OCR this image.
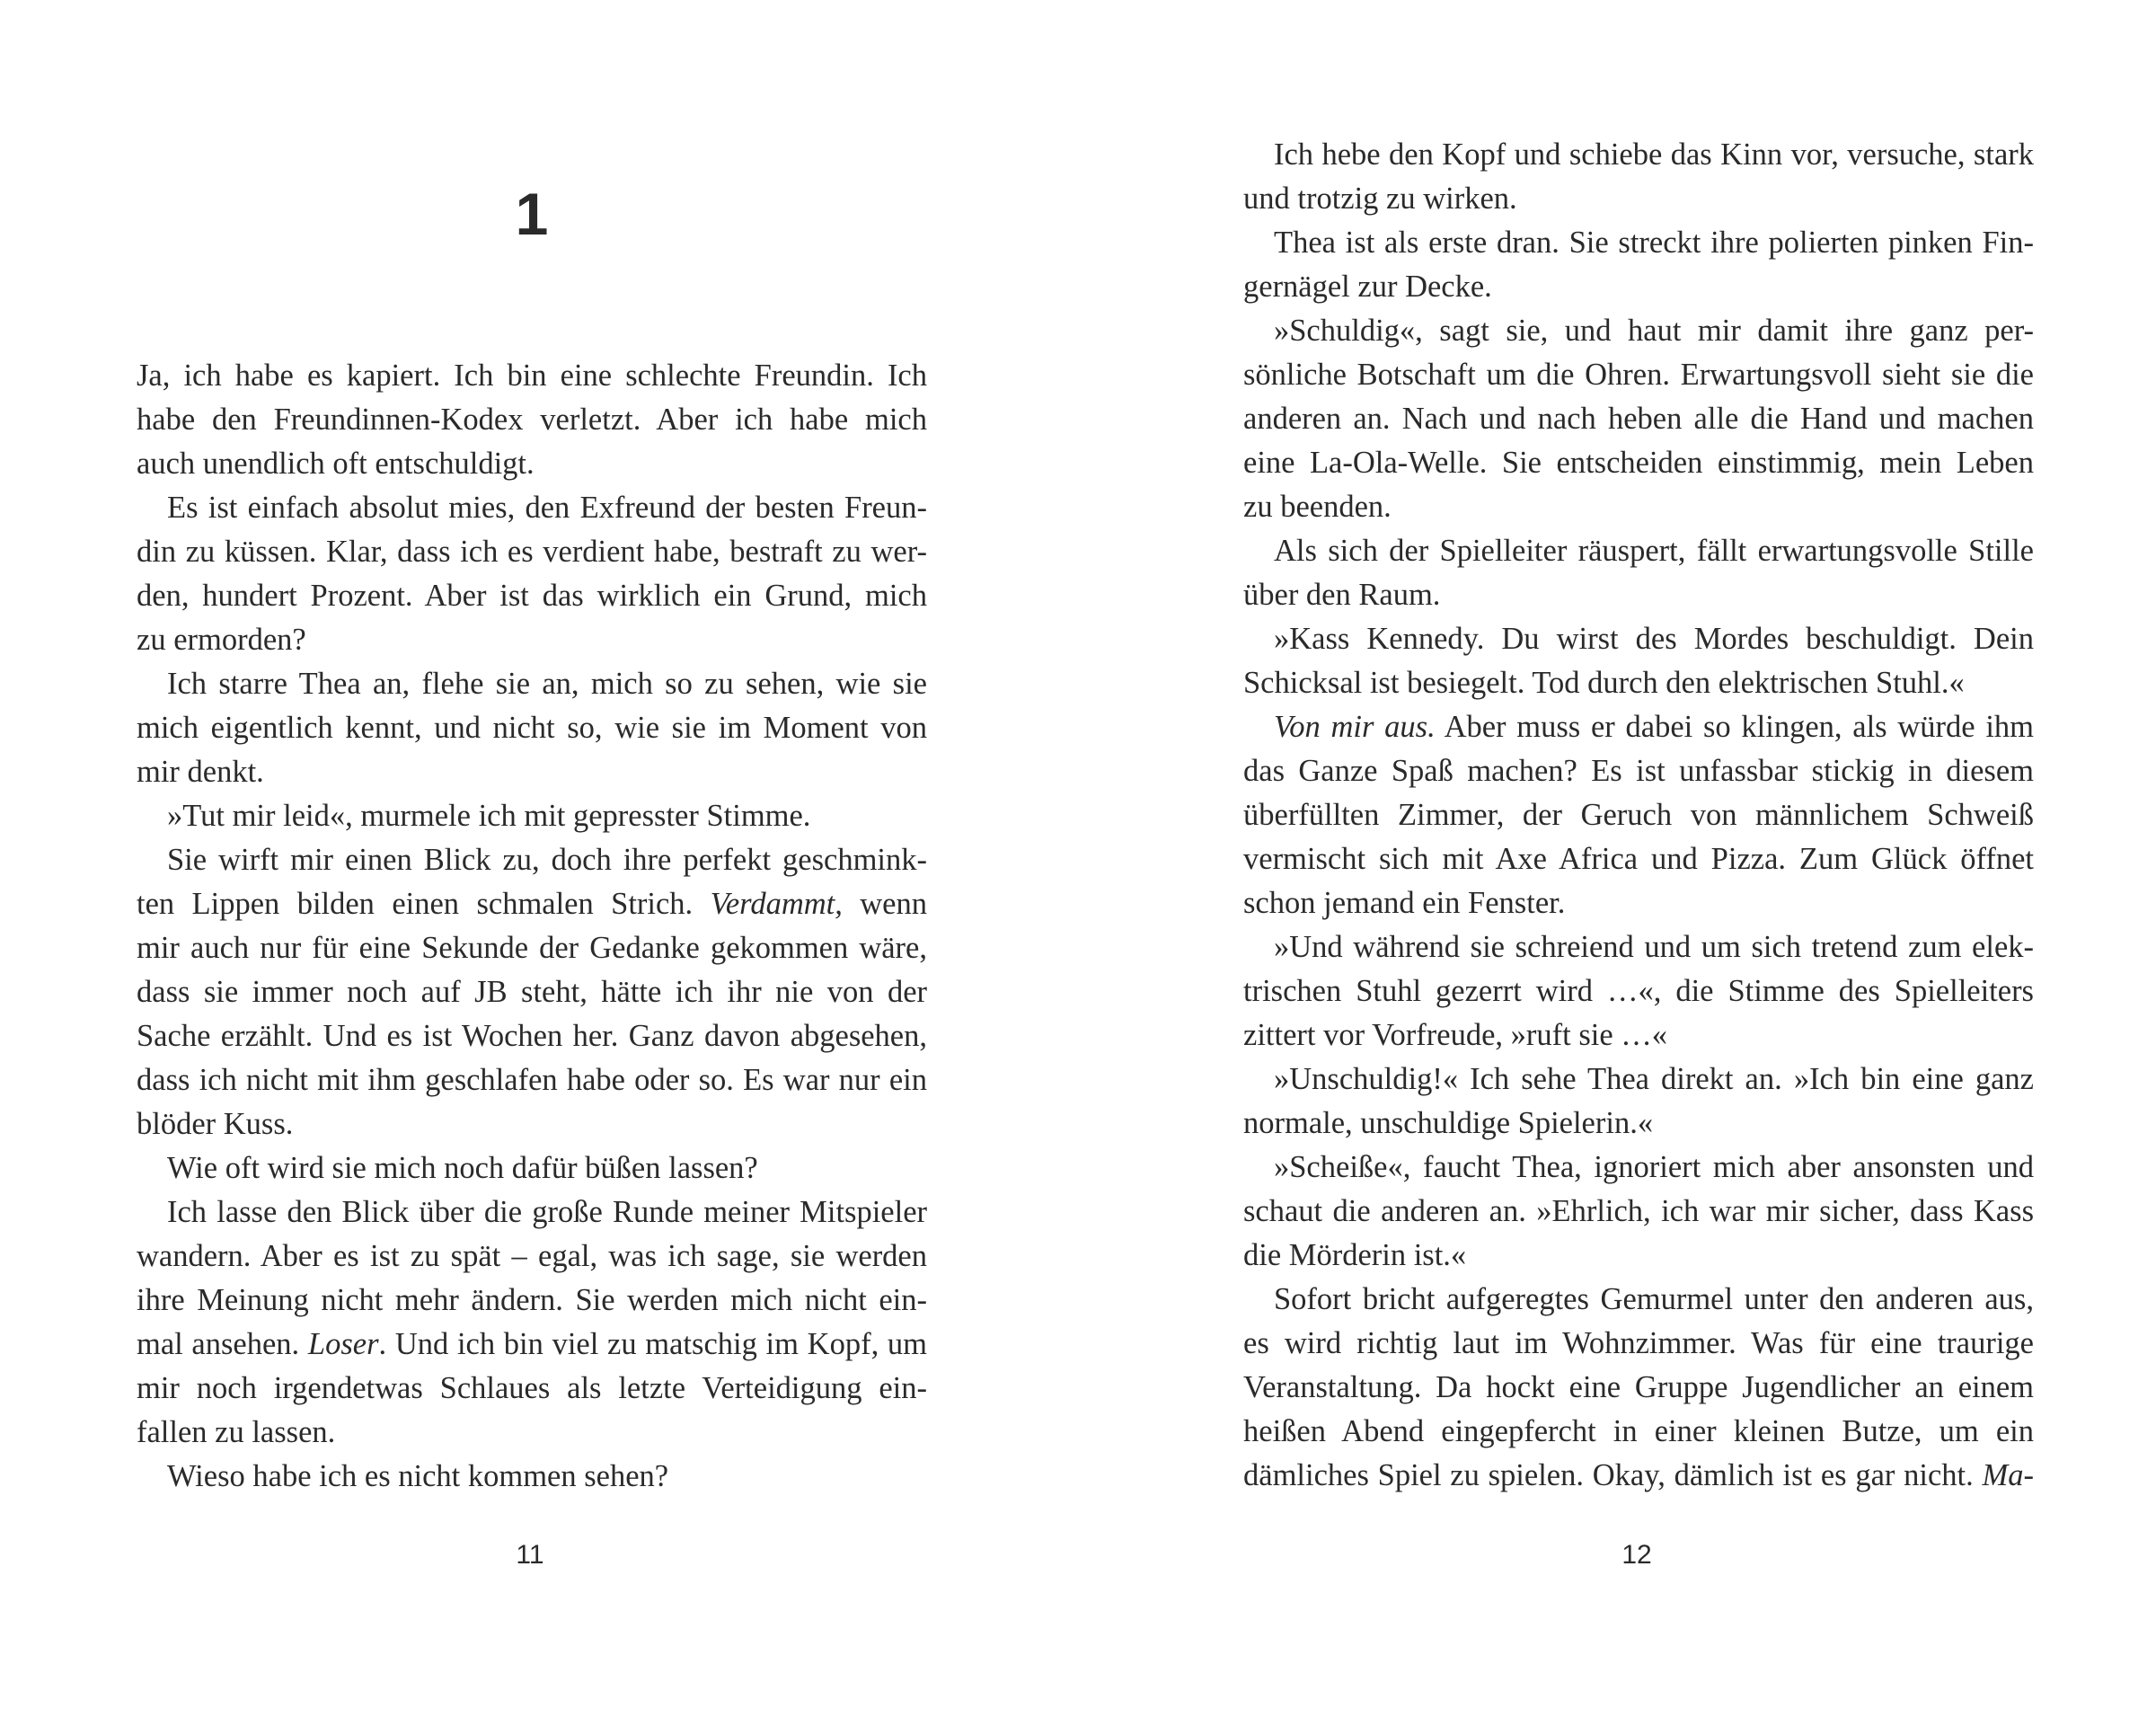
1
Ja, ich habe es kapiert. Ich bin eine schlechte Freundin. Ich
habe den Freundinnen-Kodex verletzt. Aber ich habe mich
auch unendlich oft entschuldigt.
Es ist einfach absolut mies, den Exfreund der besten Freun-
din zu küssen. Klar, dass ich es verdient habe, bestraft zu wer-
den, hundert Prozent. Aber ist das wirklich ein Grund, mich
zu ermorden?
Ich starre Thea an, flehe sie an, mich so zu sehen, wie sie
mich eigentlich kennt, und nicht so, wie sie im Moment von
mir denkt.
»Tut mir leid«, murmele ich mit gepresster Stimme.
Sie wirft mir einen Blick zu, doch ihre perfekt geschmink-
ten Lippen bilden einen schmalen Strich. Verdammt, wenn
mir auch nur für eine Sekunde der Gedanke gekommen wäre,
dass sie immer noch auf JB steht, hätte ich ihr nie von der
Sache erzählt. Und es ist Wochen her. Ganz davon abgesehen,
dass ich nicht mit ihm geschlafen habe oder so. Es war nur ein
blöder Kuss.
Wie oft wird sie mich noch dafür büßen lassen?
Ich lasse den Blick über die große Runde meiner Mitspieler
wandern. Aber es ist zu spät – egal, was ich sage, sie werden
ihre Meinung nicht mehr ändern. Sie werden mich nicht ein-
mal ansehen. Loser. Und ich bin viel zu matschig im Kopf, um
mir noch irgendetwas Schlaues als letzte Verteidigung ein-
fallen zu lassen.
Wieso habe ich es nicht kommen sehen?
Ich hebe den Kopf und schiebe das Kinn vor, versuche, stark
und trotzig zu wirken.
Thea ist als erste dran. Sie streckt ihre polierten pinken Fin-
gernägel zur Decke.
»Schuldig«, sagt sie, und haut mir damit ihre ganz per-
sönliche Botschaft um die Ohren. Erwartungsvoll sieht sie die
anderen an. Nach und nach heben alle die Hand und machen
eine La-Ola-Welle. Sie entscheiden einstimmig, mein Leben
zu beenden.
Als sich der Spielleiter räuspert, fällt erwartungsvolle Stille
über den Raum.
»Kass Kennedy. Du wirst des Mordes beschuldigt. Dein
Schicksal ist besiegelt. Tod durch den elektrischen Stuhl.«
Von mir aus. Aber muss er dabei so klingen, als würde ihm
das Ganze Spaß machen? Es ist unfassbar stickig in diesem
überfüllten Zimmer, der Geruch von männlichem Schweiß
vermischt sich mit Axe Africa und Pizza. Zum Glück öffnet
schon jemand ein Fenster.
»Und während sie schreiend und um sich tretend zum elek-
trischen Stuhl gezerrt wird …«, die Stimme des Spielleiters
zittert vor Vorfreude, »ruft sie …«
»Unschuldig!« Ich sehe Thea direkt an. »Ich bin eine ganz
normale, unschuldige Spielerin.«
»Scheiße«, faucht Thea, ignoriert mich aber ansonsten und
schaut die anderen an. »Ehrlich, ich war mir sicher, dass Kass
die Mörderin ist.«
Sofort bricht aufgeregtes Gemurmel unter den anderen aus,
es wird richtig laut im Wohnzimmer. Was für eine traurige
Veranstaltung. Da hockt eine Gruppe Jugendlicher an einem
heißen Abend eingepfercht in einer kleinen Butze, um ein
dämliches Spiel zu spielen. Okay, dämlich ist es gar nicht. Ma-
11	12
